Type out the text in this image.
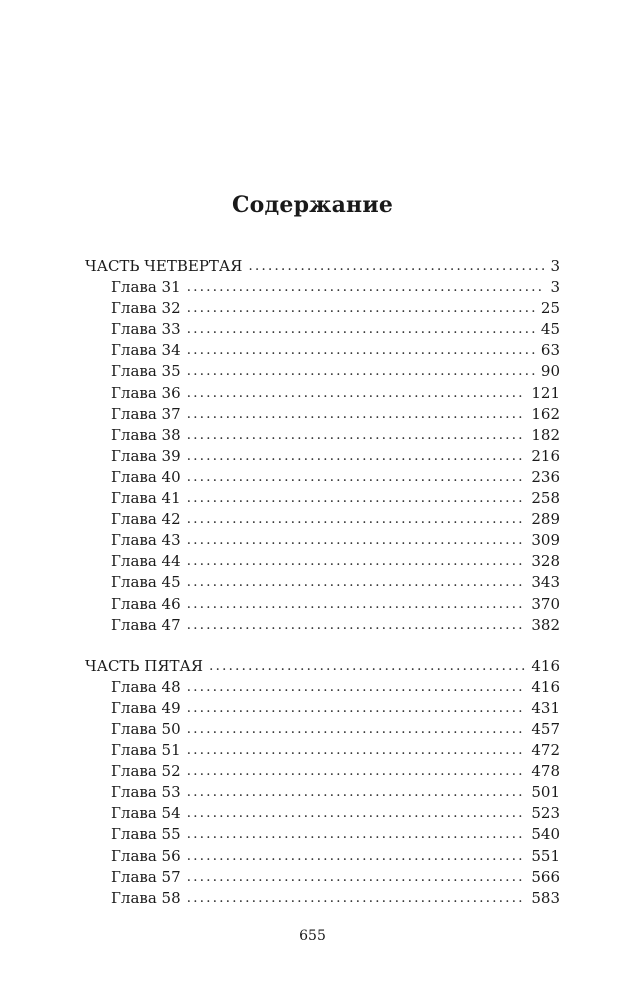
Содержание
ЧАСТЬ ЧЕТВЕРТАЯ . . .	3
Глава 31 . . .	3
Глава 32 . . .	25
Глава 33 . . .	45
Глава 34 . . .	63
Глава 35 . . .	90
Глава 36 . . .	121
Глава 37 . . .	162
Глава 38 . . .	182
Глава 39 . . .	216
Глава 40 . . .	236
Глава 41 . . .	258
Глава 42 . . .	289
Глава 43 . . .	309
Глава 44 . . .	328
Глава 45 . . .	343
Глава 46 . . .	370
Глава 47 . . .	382
ЧАСТЬ ПЯТАЯ . . .	416
Глава 48 . . .	416
Глава 49 . . .	431
Глава 50 . . .	457
Глава 51 . . .	472
Глава 52 . . .	478
Глава 53 . . .	501
Глава 54 . . .	523
Глава 55 . . .	540
Глава 56 . . .	551
Глава 57 . . .	566
Глава 58 . . .	583
655
